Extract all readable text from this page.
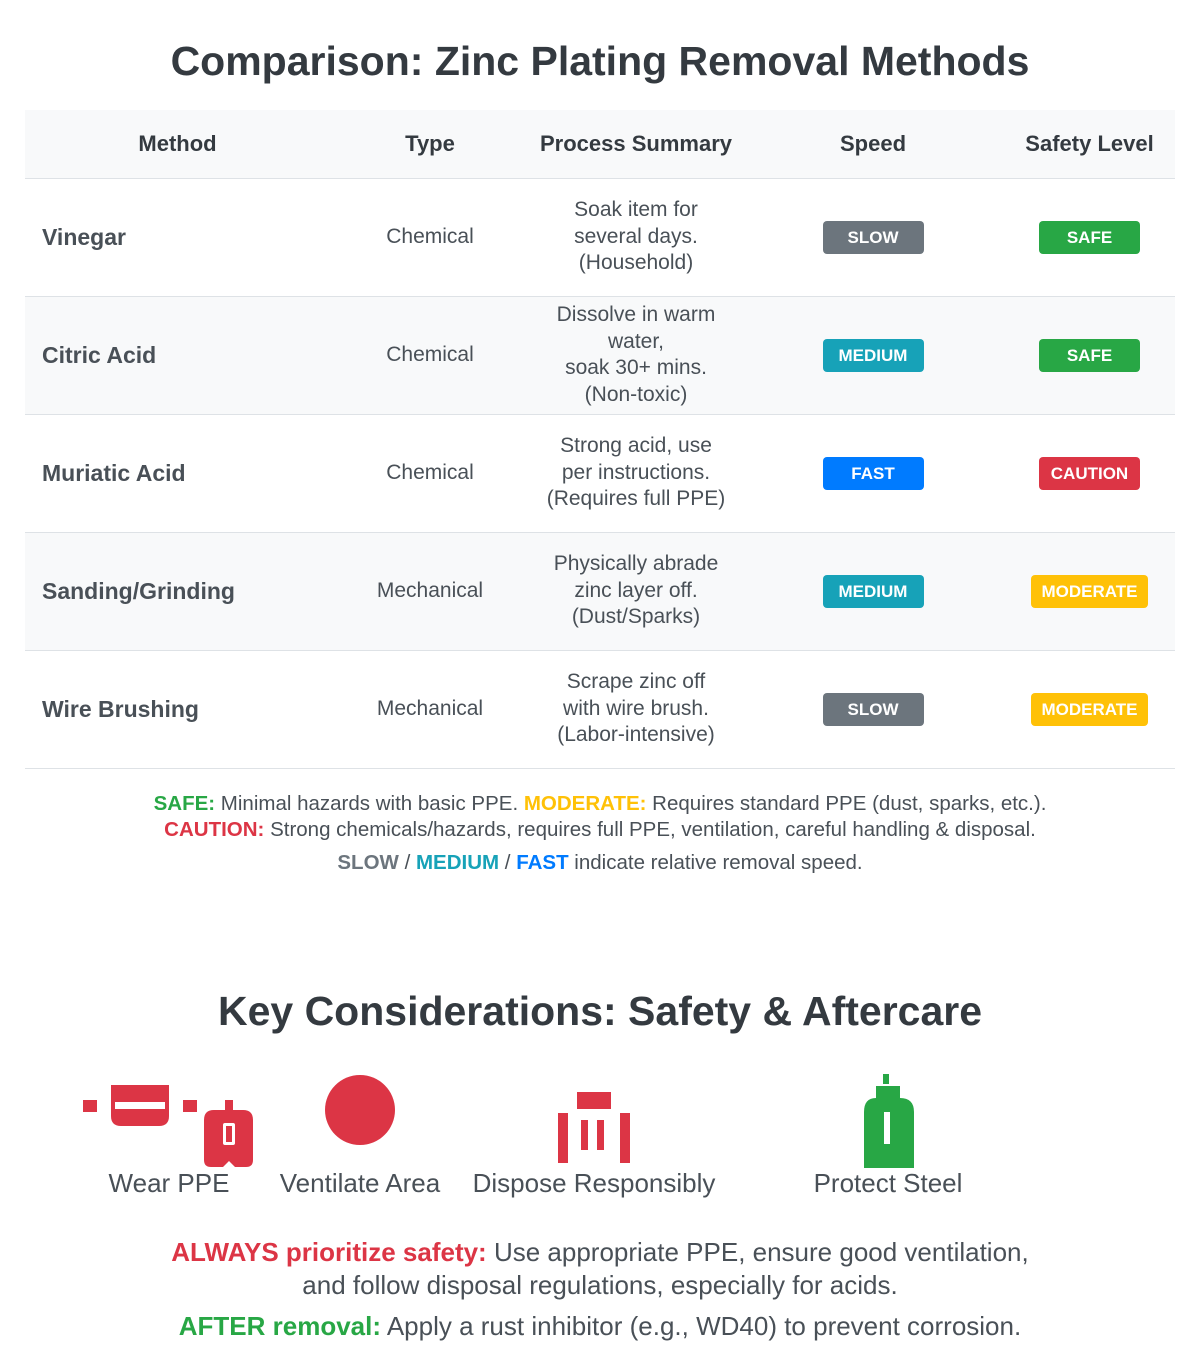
Comparison: Zinc Plating Removal Methods
Method	Type	Process Summary	Speed	Safety Level
Vinegar	Chemical	Soak item for
several days.
(Household)	SLOW	SAFE
Citric Acid	Chemical	Dissolve in warm water,
soak 30+ mins.
(Non-toxic)	MEDIUM	SAFE
Muriatic Acid	Chemical	Strong acid, use
per instructions.
(Requires full PPE)	FAST	CAUTION
Sanding/Grinding	Mechanical	Physically abrade
zinc layer off.
(Dust/Sparks)	MEDIUM	MODERATE
Wire Brushing	Mechanical	Scrape zinc off
with wire brush.
(Labor-intensive)	SLOW	MODERATE
SAFE: Minimal hazards with basic PPE. MODERATE: Requires standard PPE (dust, sparks, etc.).
CAUTION: Strong chemicals/hazards, requires full PPE, ventilation, careful handling & disposal.
SLOW / MEDIUM / FAST indicate relative removal speed.
Key Considerations: Safety & Aftercare
Wear PPE Ventilate Area Dispose Responsibly	Protect Steel
ALWAYS prioritize safety: Use appropriate PPE, ensure good ventilation,
and follow disposal regulations, especially for acids.
AFTER removal: Apply a rust inhibitor (e.g., WD40) to prevent corrosion.
